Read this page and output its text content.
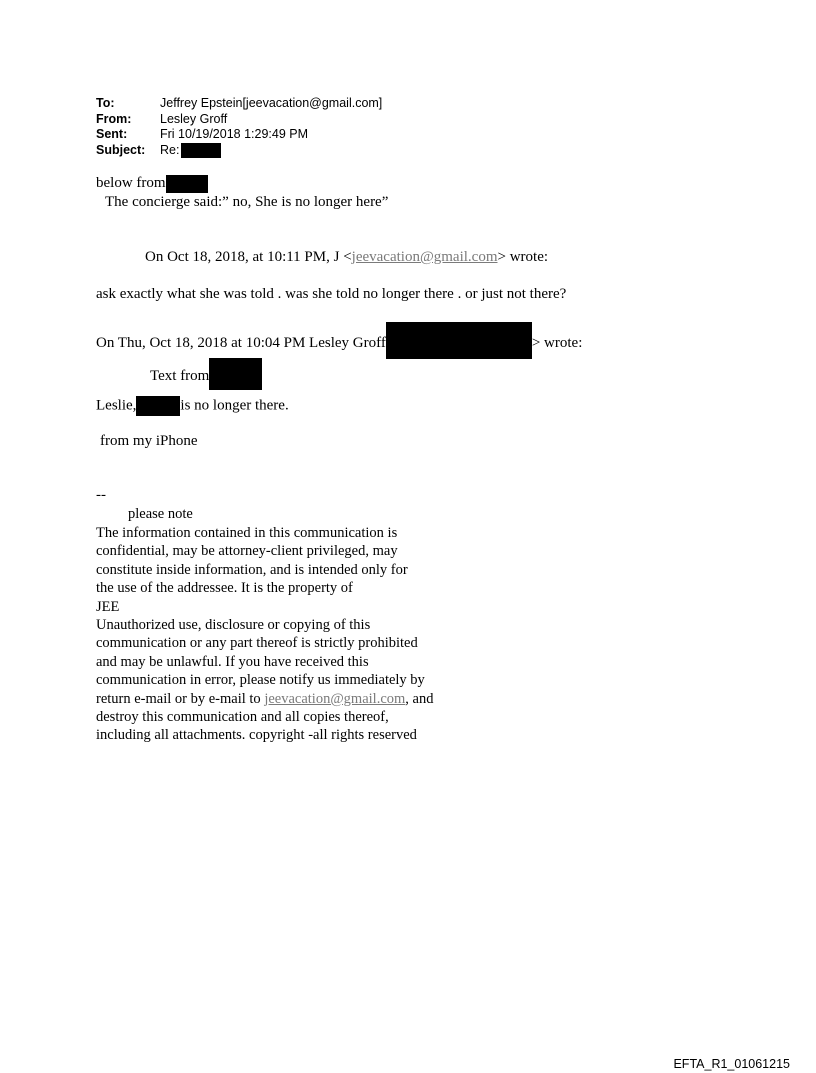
To:	Jeffrey Epstein[jeevacation@gmail.com]
From:	Lesley Groff
Sent:	Fri 10/19/2018 1:29:49 PM
Subject:	Re:
below from
The concierge said:” no, She is no longer here”
On Oct 18, 2018, at 10:11 PM, J <jeevacation@gmail.com> wrote:
ask exactly what she was told . was she told no longer there . or just not there?
On Thu, Oct 18, 2018 at 10:04 PM Lesley Groff	> wrote:
Text from
Leslie,	is no longer there.
from my iPhone
--
please note
The information contained in this communication is
confidential, may be attorney-client privileged, may
constitute inside information, and is intended only for
the use of the addressee. It is the property of
JEE
Unauthorized use, disclosure or copying of this
communication or any part thereof is strictly prohibited
and may be unlawful. If you have received this
communication in error, please notify us immediately by
return e-mail or by e-mail to jeevacation@gmail.com, and
destroy this communication and all copies thereof,
including all attachments. copyright -all rights reserved
EFTA_R1_01061215
